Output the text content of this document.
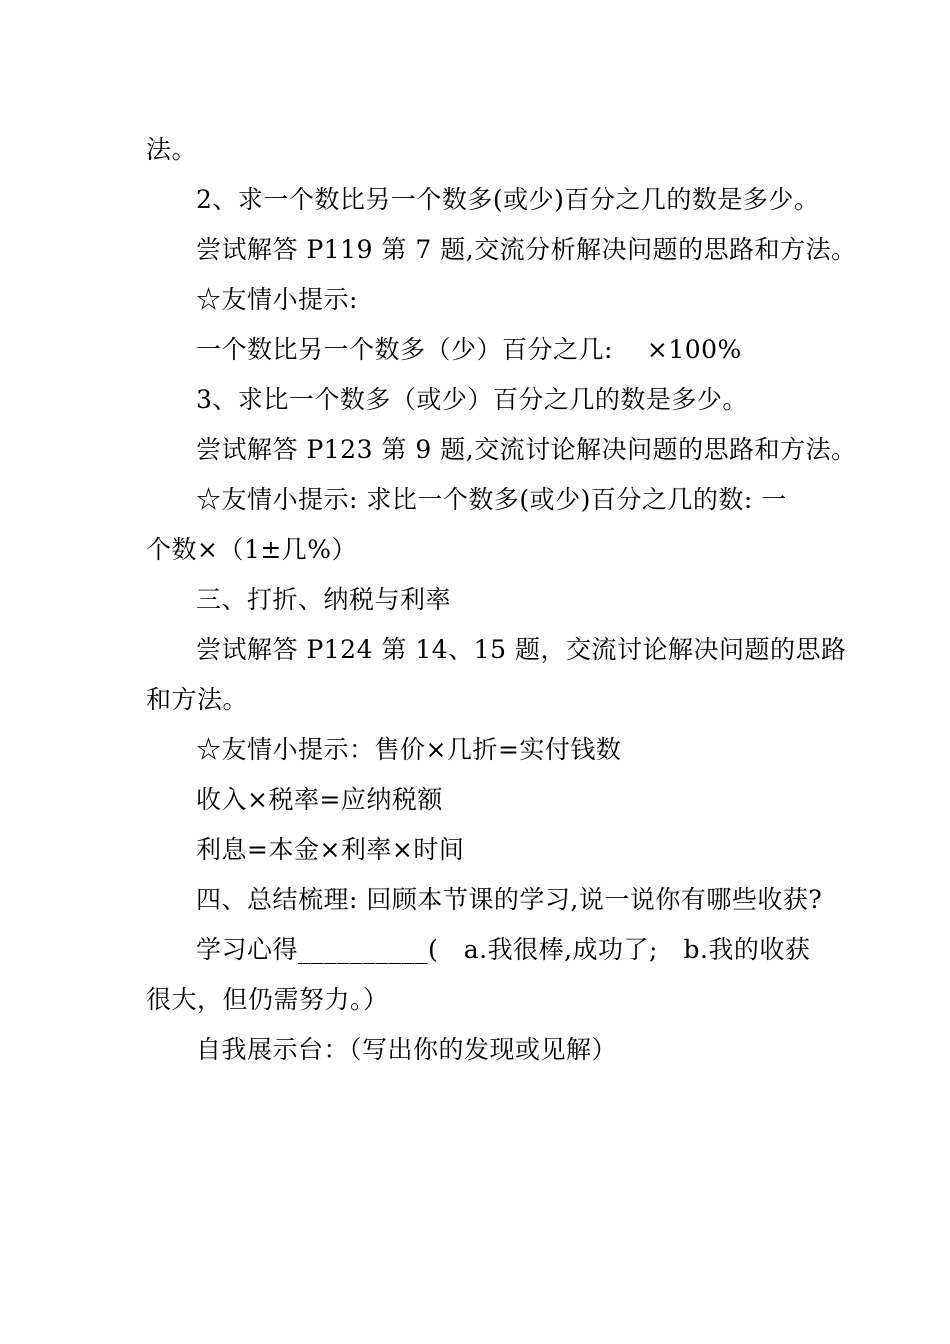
法。
2、求一个数比另一个数多(或少)百分之几的数是多少。
尝试解答 P119 第 7 题,交流分析解决问题的思路和方法。
☆友情小提示:
一个数比另一个数多（少）百分之几:　 ×100%
3、求比一个数多（或少）百分之几的数是多少。
尝试解答 P123 第 9 题,交流讨论解决问题的思路和方法。
☆友情小提示: 求比一个数多(或少)百分之几的数: 一
个数×（1±几%）
三、打折、纳税与利率
尝试解答 P124 第 14、15 题，交流讨论解决问题的思路
和方法。
☆友情小提示：售价×几折=实付钱数
收入×税率=应纳税额
利息=本金×利率×时间
四、总结梳理: 回顾本节课的学习,说一说你有哪些收获?
学习心得__________(　a.我很棒,成功了;　b.我的收获
很大，但仍需努力。）
自我展示台：（写出你的发现或见解）
